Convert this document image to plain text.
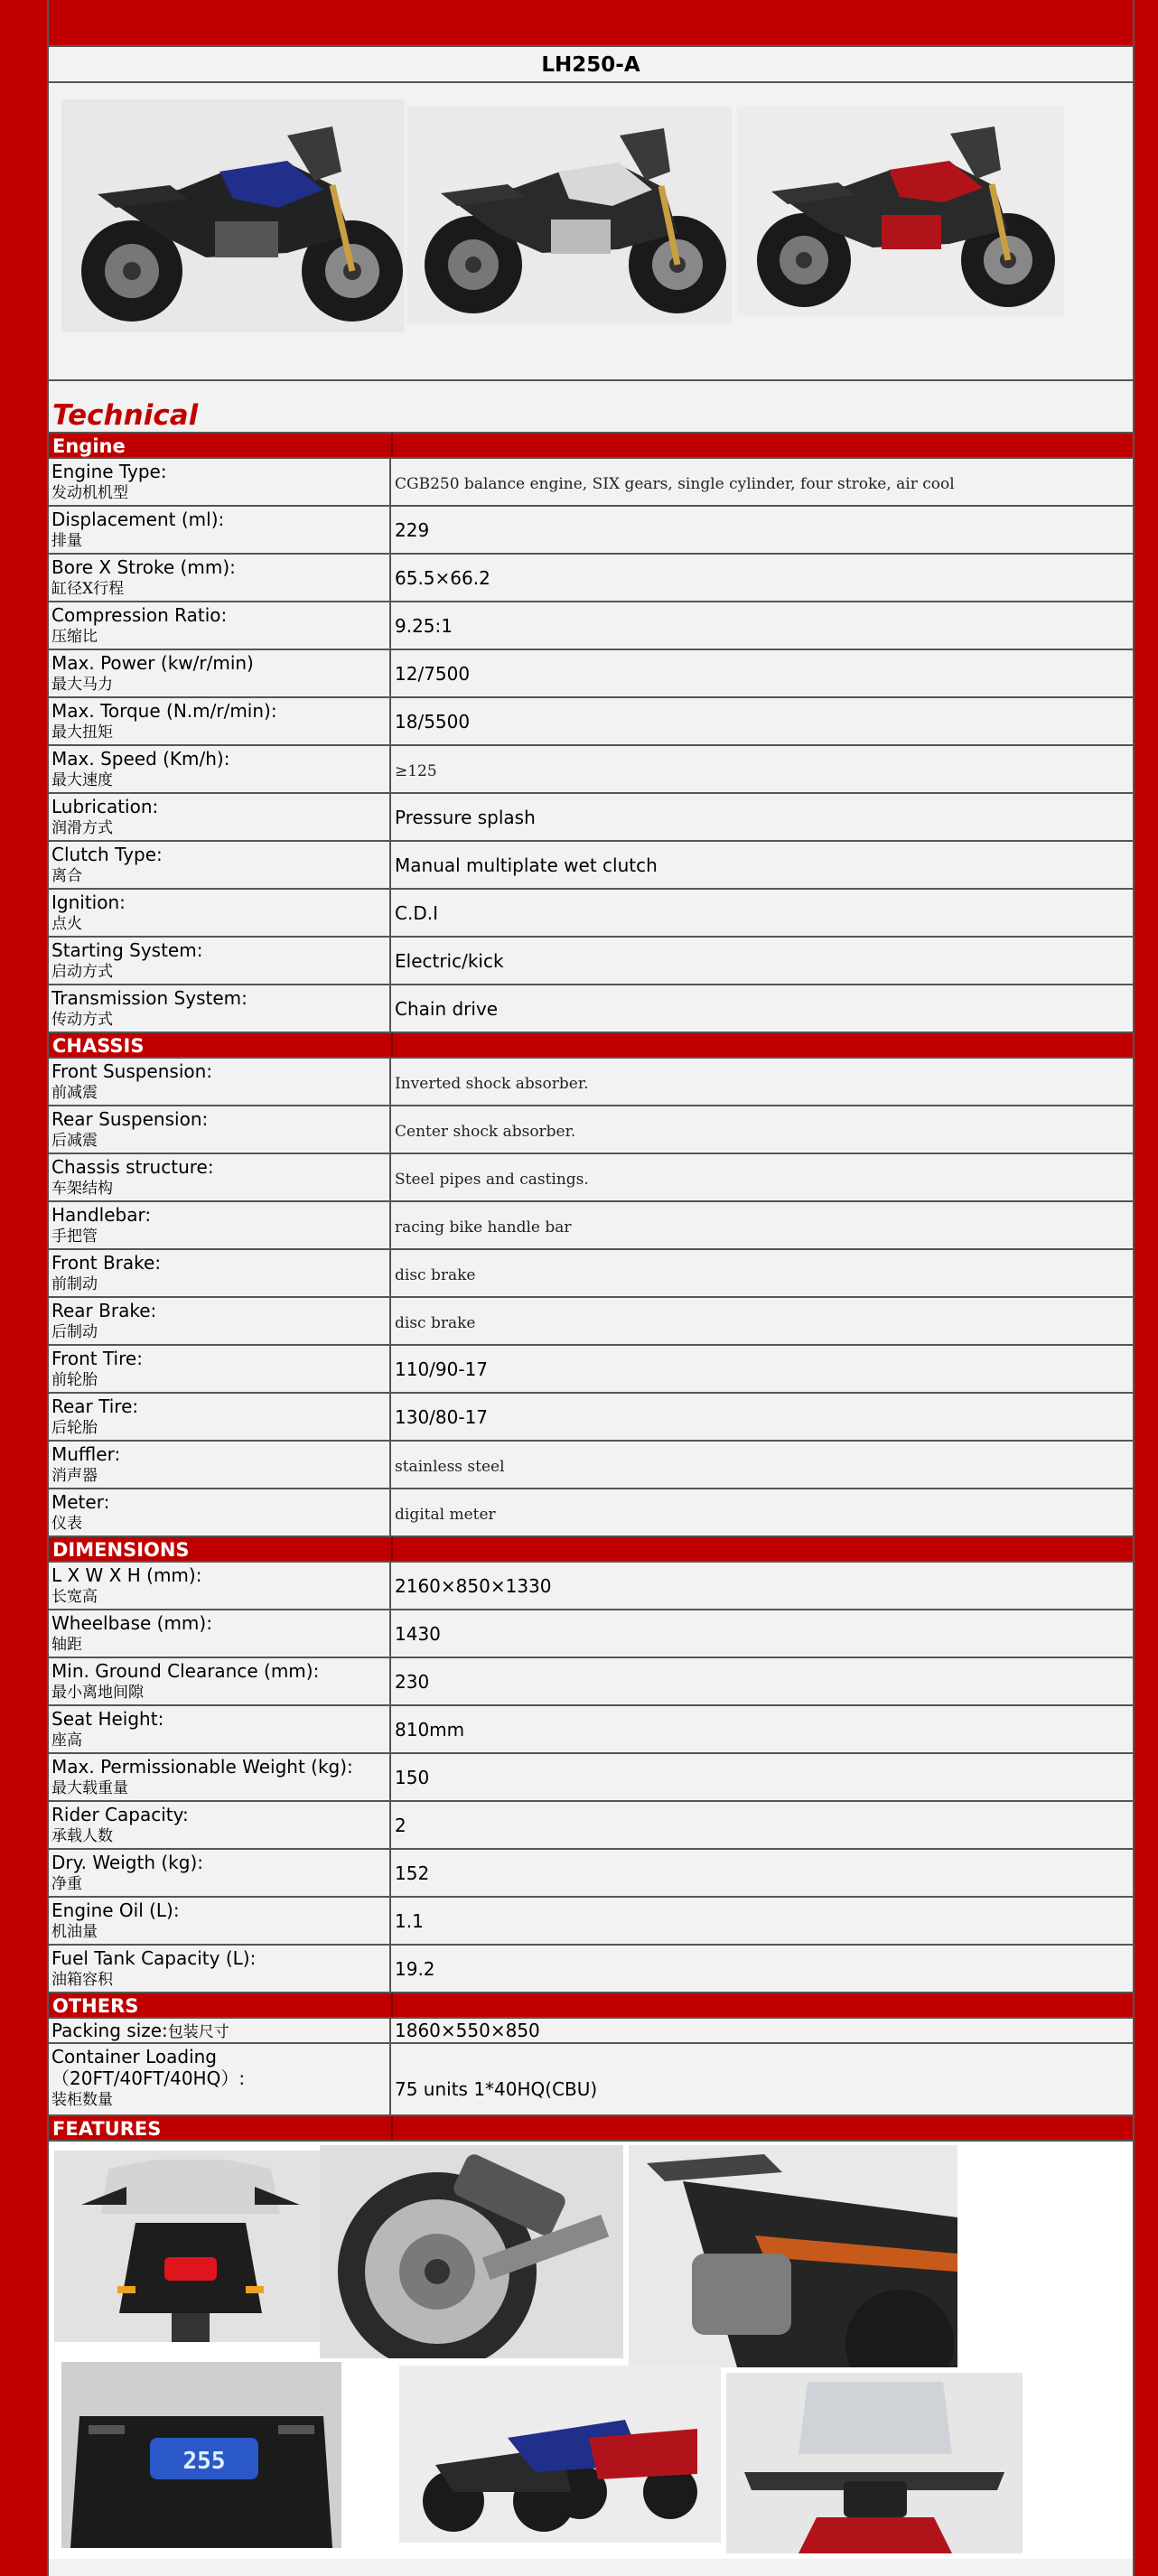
LH250-A
Technical
Engine
Engine Type:
发动机机型	CGB250 balance engine, SIX gears, single cylinder, four stroke, air cool
Displacement (ml):
排量	229
Bore X Stroke (mm):
缸径X行程	65.5×66.2
Compression Ratio:
压缩比	9.25:1
Max. Power (kw/r/min)
最大马力	12/7500
Max. Torque (N.m/r/min):
最大扭矩	18/5500
Max. Speed (Km/h):
最大速度	≥125
Lubrication:
润滑方式	Pressure splash
Clutch Type:
离合	Manual multiplate wet clutch
Ignition:
点火	C.D.I
Starting System:
启动方式	Electric/kick
Transmission System:
传动方式	Chain drive
CHASSIS
Front Suspension:
前减震	Inverted shock absorber.
Rear Suspension:
后减震	Center shock absorber.
Chassis structure:
车架结构	Steel pipes and castings.
Handlebar:
手把管	racing bike handle bar
Front Brake:
前制动	disc brake
Rear Brake:
后制动	disc brake
Front Tire:
前轮胎	110/90-17
Rear Tire:
后轮胎	130/80-17
Muffler:
消声器	stainless steel
Meter:
仪表	digital meter
DIMENSIONS
L X W X H (mm):
长宽高	2160×850×1330
Wheelbase (mm):
轴距	1430
Min. Ground Clearance (mm):
最小离地间隙	230
Seat Height:
座高	810mm
Max. Permissionable Weight (kg):
最大载重量	150
Rider Capacity:
承载人数	2
Dry. Weigth (kg):
净重	152
Engine Oil (L):
机油量	1.1
Fuel Tank Capacity (L):
油箱容积	19.2
OTHERS
Packing size:包装尺寸	1860×550×850
Container Loading
（20FT/40FT/40HQ）:
装柜数量	75 units 1*40HQ(CBU)
FEATURES
255
